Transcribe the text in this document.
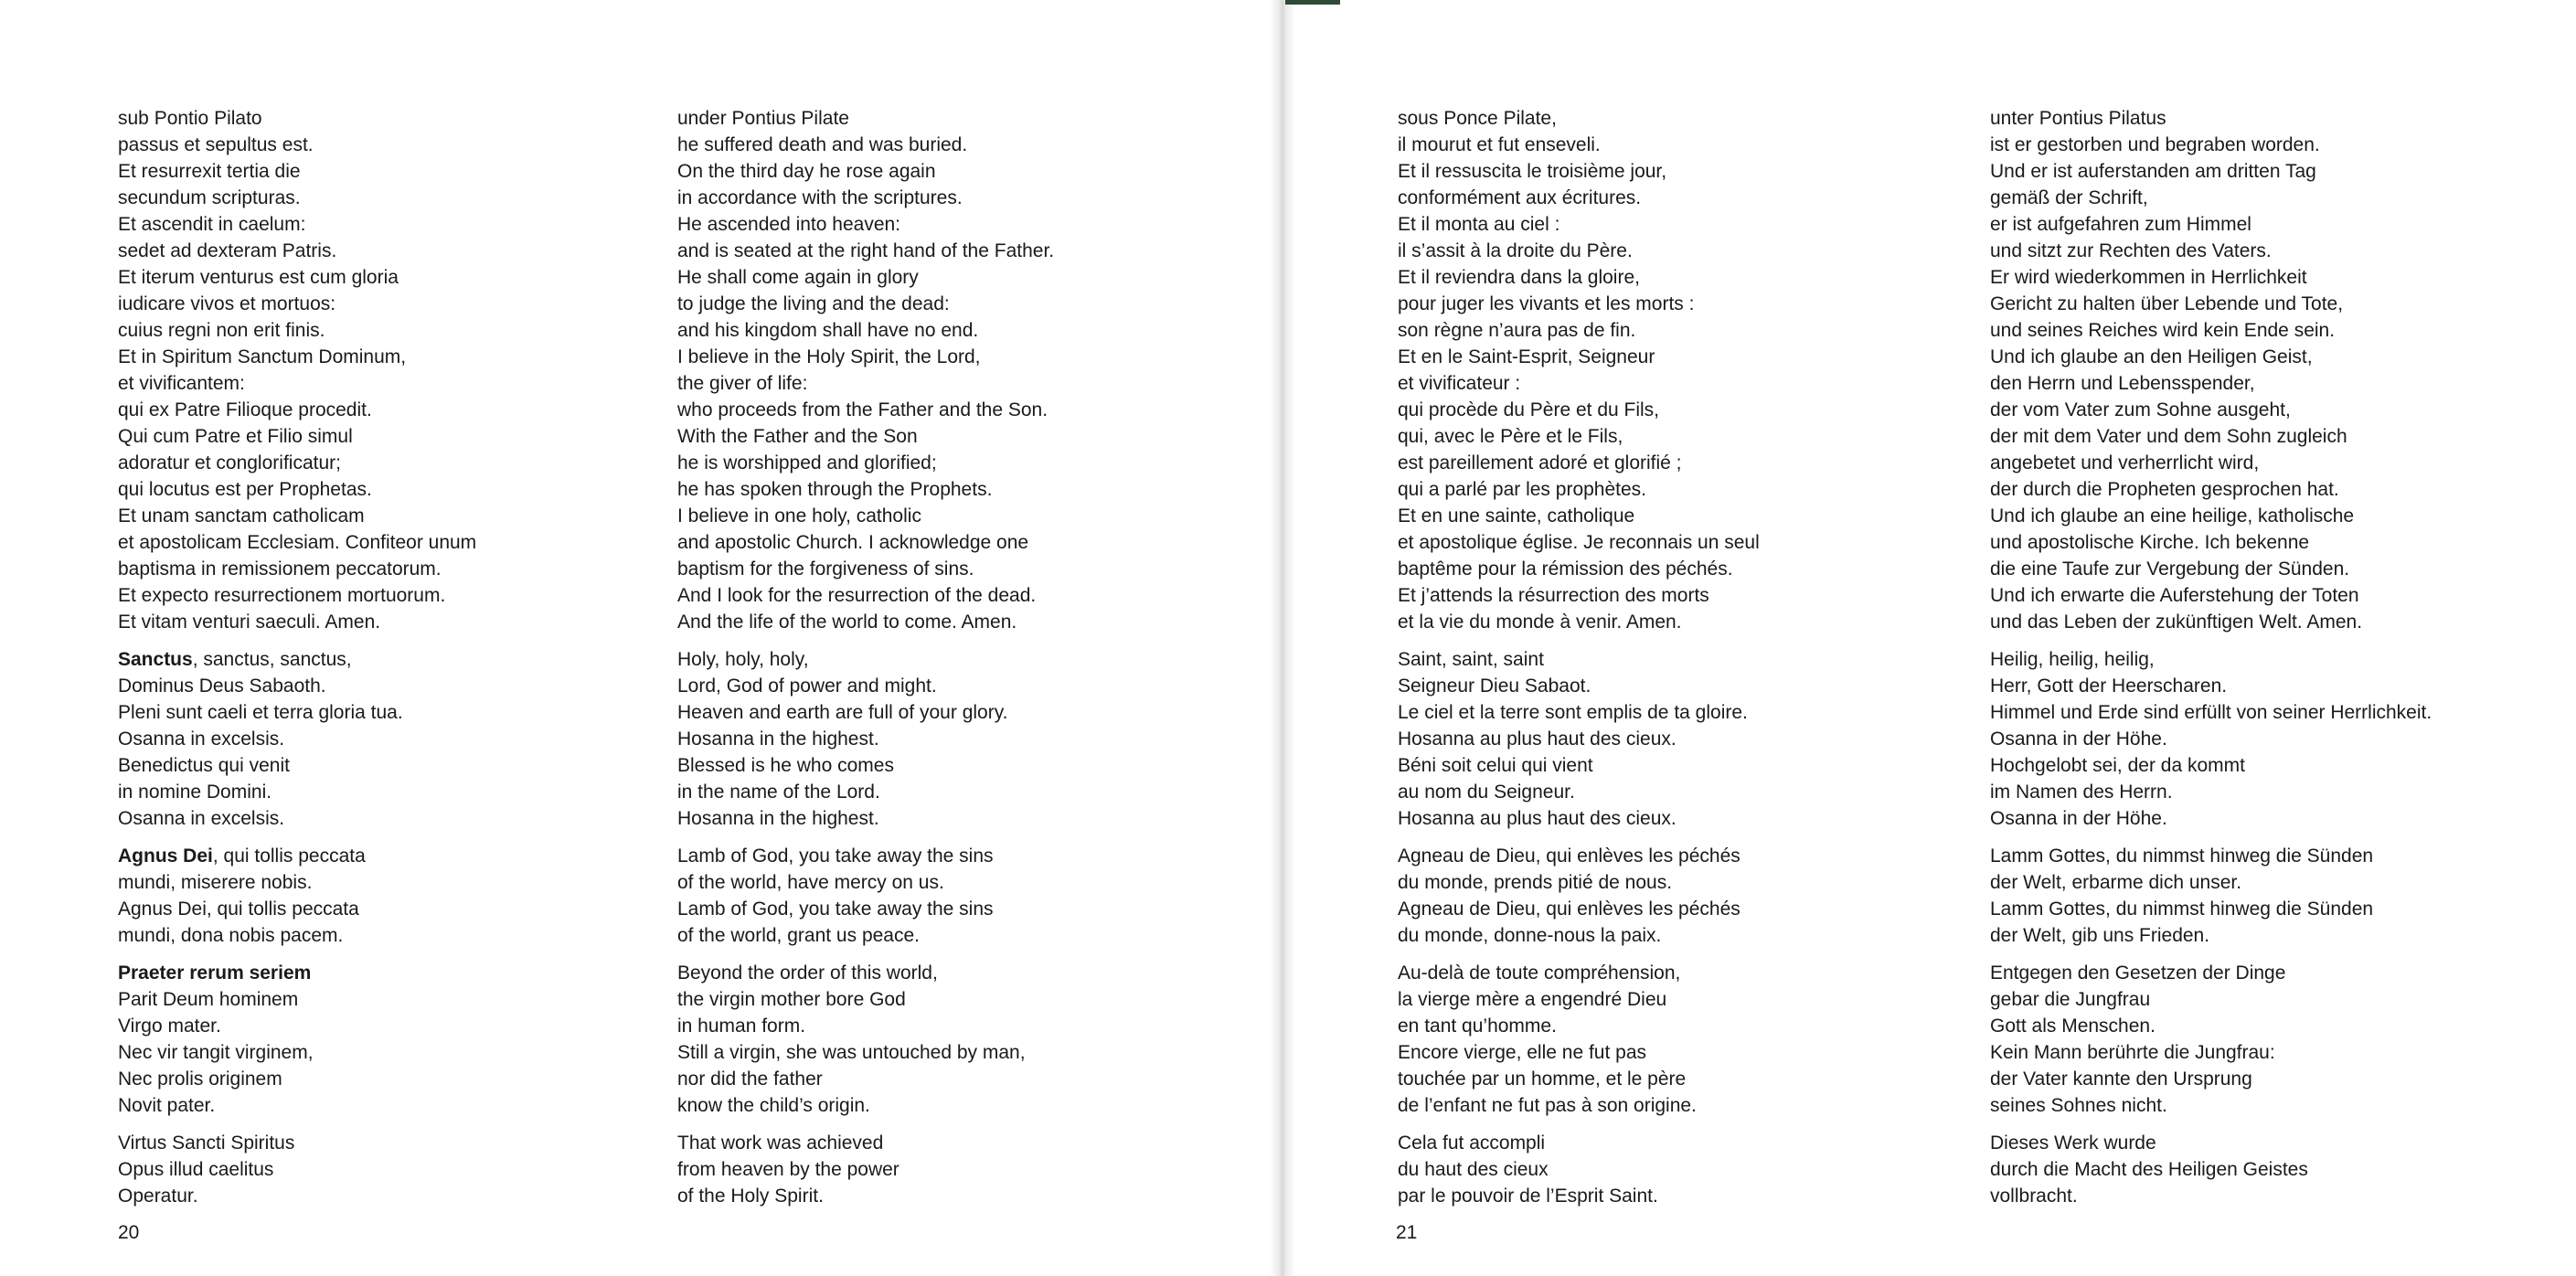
sub Pontio Pilato
passus et sepultus est.
Et resurrexit tertia die
secundum scripturas.
Et ascendit in caelum:
sedet ad dexteram Patris.
Et iterum venturus est cum gloria
iudicare vivos et mortuos:
cuius regni non erit finis.
Et in Spiritum Sanctum Dominum,
et vivificantem:
qui ex Patre Filioque procedit.
Qui cum Patre et Filio simul
adoratur et conglorificatur;
qui locutus est per Prophetas.
Et unam sanctam catholicam
et apostolicam Ecclesiam. Confiteor unum
baptisma in remissionem peccatorum.
Et expecto resurrectionem mortuorum.
Et vitam venturi saeculi. Amen.
Sanctus, sanctus, sanctus,
Dominus Deus Sabaoth.
Pleni sunt caeli et terra gloria tua.
Osanna in excelsis.
Benedictus qui venit
in nomine Domini.
Osanna in excelsis.
Agnus Dei, qui tollis peccata
mundi, miserere nobis.
Agnus Dei, qui tollis peccata
mundi, dona nobis pacem.
Praeter rerum seriem
Parit Deum hominem
Virgo mater.
Nec vir tangit virginem,
Nec prolis originem
Novit pater.
Virtus Sancti Spiritus
Opus illud caelitus
Operatur.
under Pontius Pilate
he suffered death and was buried.
On the third day he rose again
in accordance with the scriptures.
He ascended into heaven:
and is seated at the right hand of the Father.
He shall come again in glory
to judge the living and the dead:
and his kingdom shall have no end.
I believe in the Holy Spirit, the Lord,
the giver of life:
who proceeds from the Father and the Son.
With the Father and the Son
he is worshipped and glorified;
he has spoken through the Prophets.
I believe in one holy, catholic
and apostolic Church. I acknowledge one
baptism for the forgiveness of sins.
And I look for the resurrection of the dead.
And the life of the world to come. Amen.
Holy, holy, holy,
Lord, God of power and might.
Heaven and earth are full of your glory.
Hosanna in the highest.
Blessed is he who comes
in the name of the Lord.
Hosanna in the highest.
Lamb of God, you take away the sins
of the world, have mercy on us.
Lamb of God, you take away the sins
of the world, grant us peace.
Beyond the order of this world,
the virgin mother bore God
in human form.
Still a virgin, she was untouched by man,
nor did the father
know the child’s origin.
That work was achieved
from heaven by the power
of the Holy Spirit.
sous Ponce Pilate,
il mourut et fut enseveli.
Et il ressuscita le troisième jour,
conformément aux écritures.
Et il monta au ciel :
il s’assit à la droite du Père.
Et il reviendra dans la gloire,
pour juger les vivants et les morts :
son règne n’aura pas de fin.
Et en le Saint-Esprit, Seigneur
et vivificateur :
qui procède du Père et du Fils,
qui, avec le Père et le Fils,
est pareillement adoré et glorifié ;
qui a parlé par les prophètes.
Et en une sainte, catholique
et apostolique église. Je reconnais un seul
baptême pour la rémission des péchés.
Et j’attends la résurrection des morts
et la vie du monde à venir. Amen.
Saint, saint, saint
Seigneur Dieu Sabaot.
Le ciel et la terre sont emplis de ta gloire.
Hosanna au plus haut des cieux.
Béni soit celui qui vient
au nom du Seigneur.
Hosanna au plus haut des cieux.
Agneau de Dieu, qui enlèves les péchés
du monde, prends pitié de nous.
Agneau de Dieu, qui enlèves les péchés
du monde, donne-nous la paix.
Au-delà de toute compréhension,
la vierge mère a engendré Dieu
en tant qu’homme.
Encore vierge, elle ne fut pas
touchée par un homme, et le père
de l’enfant ne fut pas à son origine.
Cela fut accompli
du haut des cieux
par le pouvoir de l’Esprit Saint.
unter Pontius Pilatus
ist er gestorben und begraben worden.
Und er ist auferstanden am dritten Tag
gemäß der Schrift,
er ist aufgefahren zum Himmel
und sitzt zur Rechten des Vaters.
Er wird wiederkommen in Herrlichkeit
Gericht zu halten über Lebende und Tote,
und seines Reiches wird kein Ende sein.
Und ich glaube an den Heiligen Geist,
den Herrn und Lebensspender,
der vom Vater zum Sohne ausgeht,
der mit dem Vater und dem Sohn zugleich
angebetet und verherrlicht wird,
der durch die Propheten gesprochen hat.
Und ich glaube an eine heilige, katholische
und apostolische Kirche. Ich bekenne
die eine Taufe zur Vergebung der Sünden.
Und ich erwarte die Auferstehung der Toten
und das Leben der zukünftigen Welt. Amen.
Heilig, heilig, heilig,
Herr, Gott der Heerscharen.
Himmel und Erde sind erfüllt von seiner Herrlichkeit.
Osanna in der Höhe.
Hochgelobt sei, der da kommt
im Namen des Herrn.
Osanna in der Höhe.
Lamm Gottes, du nimmst hinweg die Sünden
der Welt, erbarme dich unser.
Lamm Gottes, du nimmst hinweg die Sünden
der Welt, gib uns Frieden.
Entgegen den Gesetzen der Dinge
gebar die Jungfrau
Gott als Menschen.
Kein Mann berührte die Jungfrau:
der Vater kannte den Ursprung
seines Sohnes nicht.
Dieses Werk wurde
durch die Macht des Heiligen Geistes
vollbracht.
20	21
